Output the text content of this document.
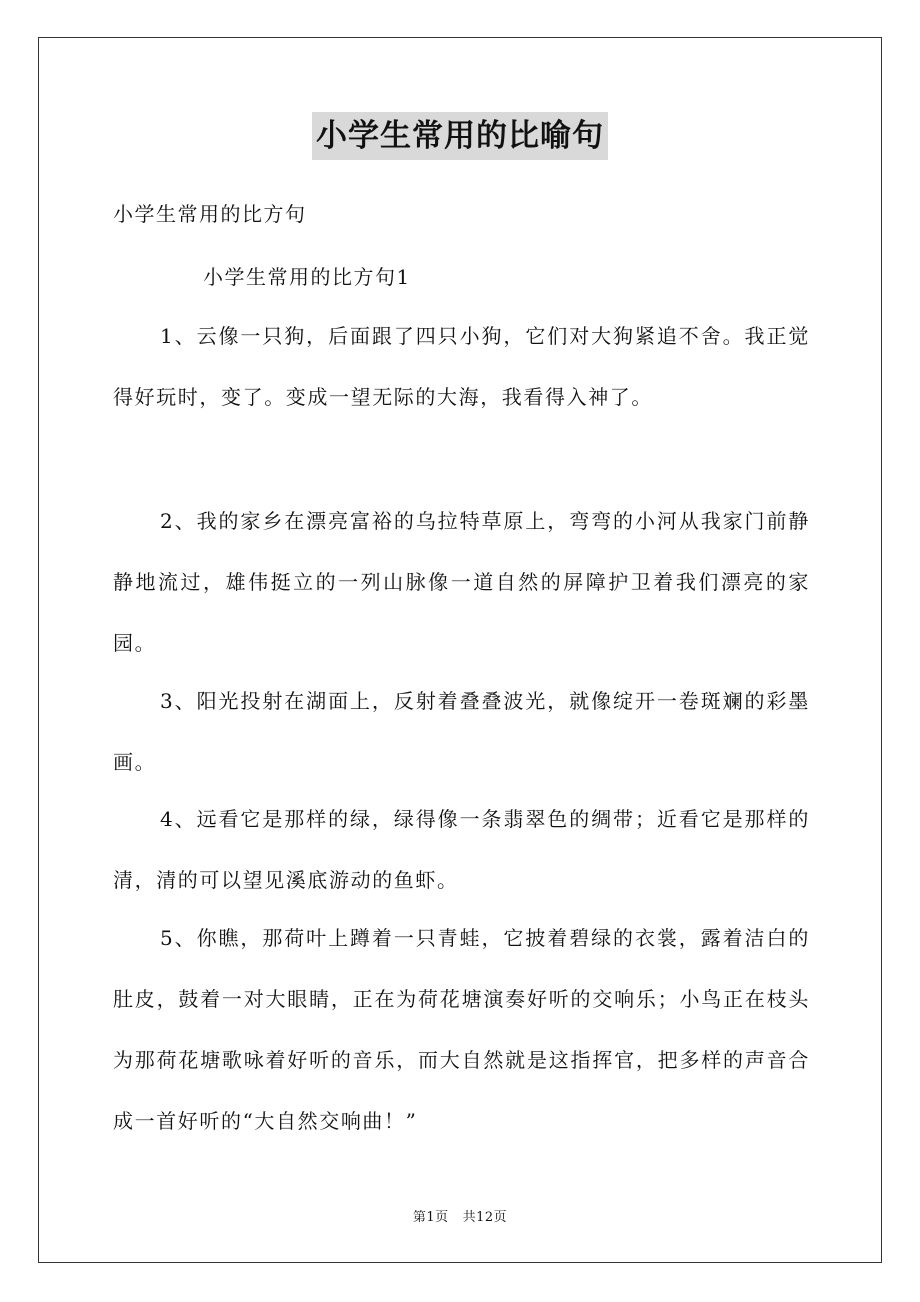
小学生常用的比喻句
小学生常用的比方句
小学生常用的比方句1

1、云像一只狗，后面跟了四只小狗，它们对大狗紧追不舍。我正觉得好玩时，变了。变成一望无际的大海，我看得入神了。

2、我的家乡在漂亮富裕的乌拉特草原上，弯弯的小河从我家门前静静地流过，雄伟挺立的一列山脉像一道自然的屏障护卫着我们漂亮的家园。

3、阳光投射在湖面上，反射着叠叠波光，就像绽开一卷斑斓的彩墨画。

4、远看它是那样的绿，绿得像一条翡翠色的绸带；近看它是那样的清，清的可以望见溪底游动的鱼虾。

5、你瞧，那荷叶上蹲着一只青蛙，它披着碧绿的衣裳，露着洁白的肚皮，鼓着一对大眼睛，正在为荷花塘演奏好听的交响乐；小鸟正在枝头为那荷花塘歌咏着好听的音乐，而大自然就是这指挥官，把多样的声音合成一首好听的“大自然交响曲！”

第1页 共12页
